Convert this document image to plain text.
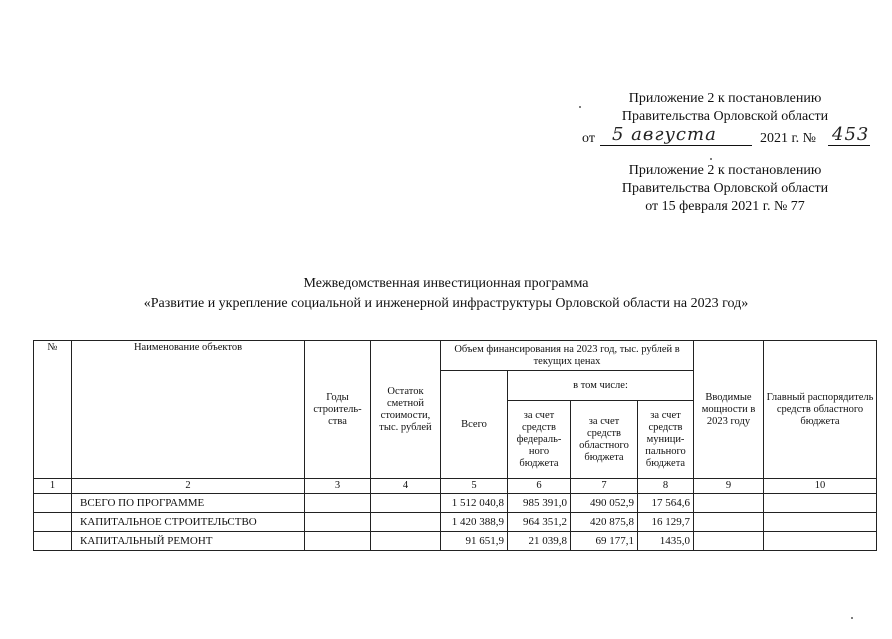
Приложение 2 к постановлению
Правительства Орловской области
от 5 августа	2021 г. № 453
Приложение 2 к постановлению
Правительства Орловской области
от 15 февраля 2021 г. № 77
Межведомственная инвестиционная программа
«Развитие и укрепление социальной и инженерной инфраструктуры Орловской области на 2023 год»
№	Наименование объектов	Годы строитель-ства	Остаток сметной стоимости, тыс. рублей	Объем финансирования на 2023 год, тыс. рублей в текущих ценах				Вводимые мощности в 2023 году	Главный распорядитель средств областного бюджета
				Всего	в том числе:				
					за счет средств федераль-ного бюджета	за счет средств областного бюджета	за счет средств муници-пального бюджета		
1	2	3	4	5	6	7	8	9	10
	ВСЕГО ПО ПРОГРАММЕ			1 512 040,8	985 391,0	490 052,9	17 564,6		
	КАПИТАЛЬНОЕ СТРОИТЕЛЬСТВО			1 420 388,9	964 351,2	420 875,8	16 129,7		
	КАПИТАЛЬНЫЙ РЕМОНТ			91 651,9	21 039,8	69 177,1	1435,0		
